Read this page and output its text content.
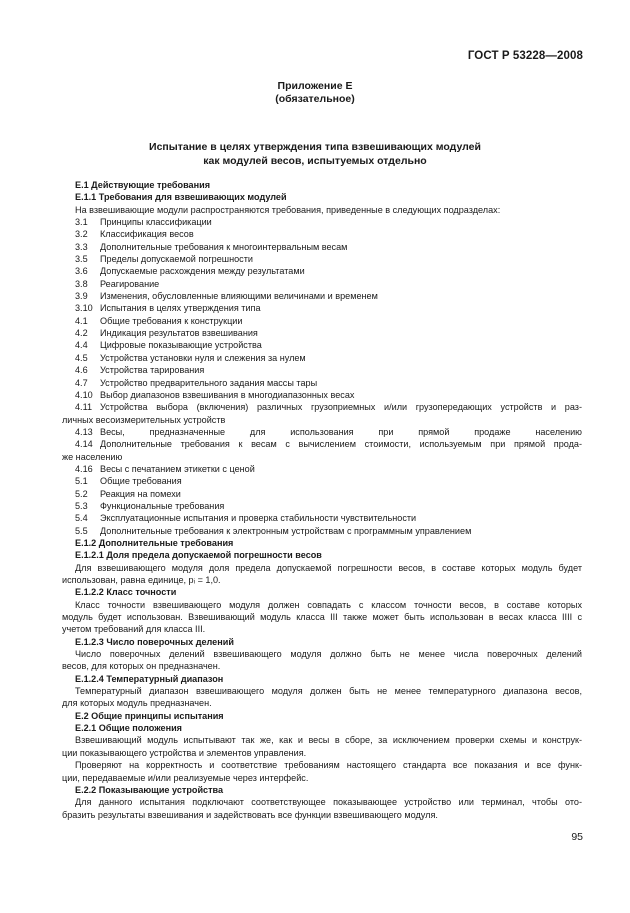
ГОСТ Р 53228—2008
Приложение Е
(обязательное)
Испытание в целях утверждения типа взвешивающих модулей
как модулей весов, испытуемых отдельно
Е.1 Действующие требования
Е.1.1 Требования для взвешивающих модулей
На взвешивающие модули распространяются требования, приведенные в следующих подразделах:
3.1	Принципы классификации
3.2	Классификация весов
3.3	Дополнительные требования к многоинтервальным весам
3.5	Пределы допускаемой погрешности
3.6	Допускаемые расхождения между результатами
3.8	Реагирование
3.9	Изменения, обусловленные влияющими величинами и временем
3.10 Испытания в целях утверждения типа
4.1	Общие требования к конструкции
4.2	Индикация результатов взвешивания
4.4	Цифровые показывающие устройства
4.5	Устройства установки нуля и слежения за нулем
4.6	Устройства тарирования
4.7	Устройство предварительного задания массы тары
4.10 Выбор диапазонов взвешивания в многодиапазонных весах
4.11 Устройства выбора (включения) различных грузоприемных и/или грузопередающих устройств и раз-
личных весоизмерительных устройств
4.13 Весы, предназначенные для использования при прямой продаже населению
4.14 Дополнительные требования к весам с вычислением стоимости, используемым при прямой прода-
же населению
4.16 Весы с печатанием этикетки с ценой
5.1	Общие требования
5.2	Реакция на помехи
5.3	Функциональные требования
5.4	Эксплуатационные испытания и проверка стабильности чувствительности
5.5	Дополнительные требования к электронным устройствам с программным управлением
Е.1.2 Дополнительные требования
Е.1.2.1 Доля предела допускаемой погрешности весов
Для взвешивающего модуля доля предела допускаемой погрешности весов, в составе которых модуль будет
использован, равна единице, pᵢ = 1,0.
Е.1.2.2 Класс точности
Класс точности взвешивающего модуля должен совпадать с классом точности весов, в составе которых
модуль будет использован. Взвешивающий модуль класса III также может быть использован в весах класса IIII с
учетом требований для класса III.
Е.1.2.3 Число поверочных делений
Число поверочных делений взвешивающего модуля должно быть не менее числа поверочных делений
весов, для которых он предназначен.
Е.1.2.4 Температурный диапазон
Температурный диапазон взвешивающего модуля должен быть не менее температурного диапазона весов,
для которых модуль предназначен.
Е.2 Общие принципы испытания
Е.2.1 Общие положения
Взвешивающий модуль испытывают так же, как и весы в сборе, за исключением проверки схемы и конструк-
ции показывающего устройства и элементов управления.
Проверяют на корректность и соответствие требованиям настоящего стандарта все показания и все функ-
ции, передаваемые и/или реализуемые через интерфейс.
Е.2.2 Показывающие устройства
Для данного испытания подключают соответствующее показывающее устройство или терминал, чтобы ото-
бразить результаты взвешивания и задействовать все функции взвешивающего модуля.
95
